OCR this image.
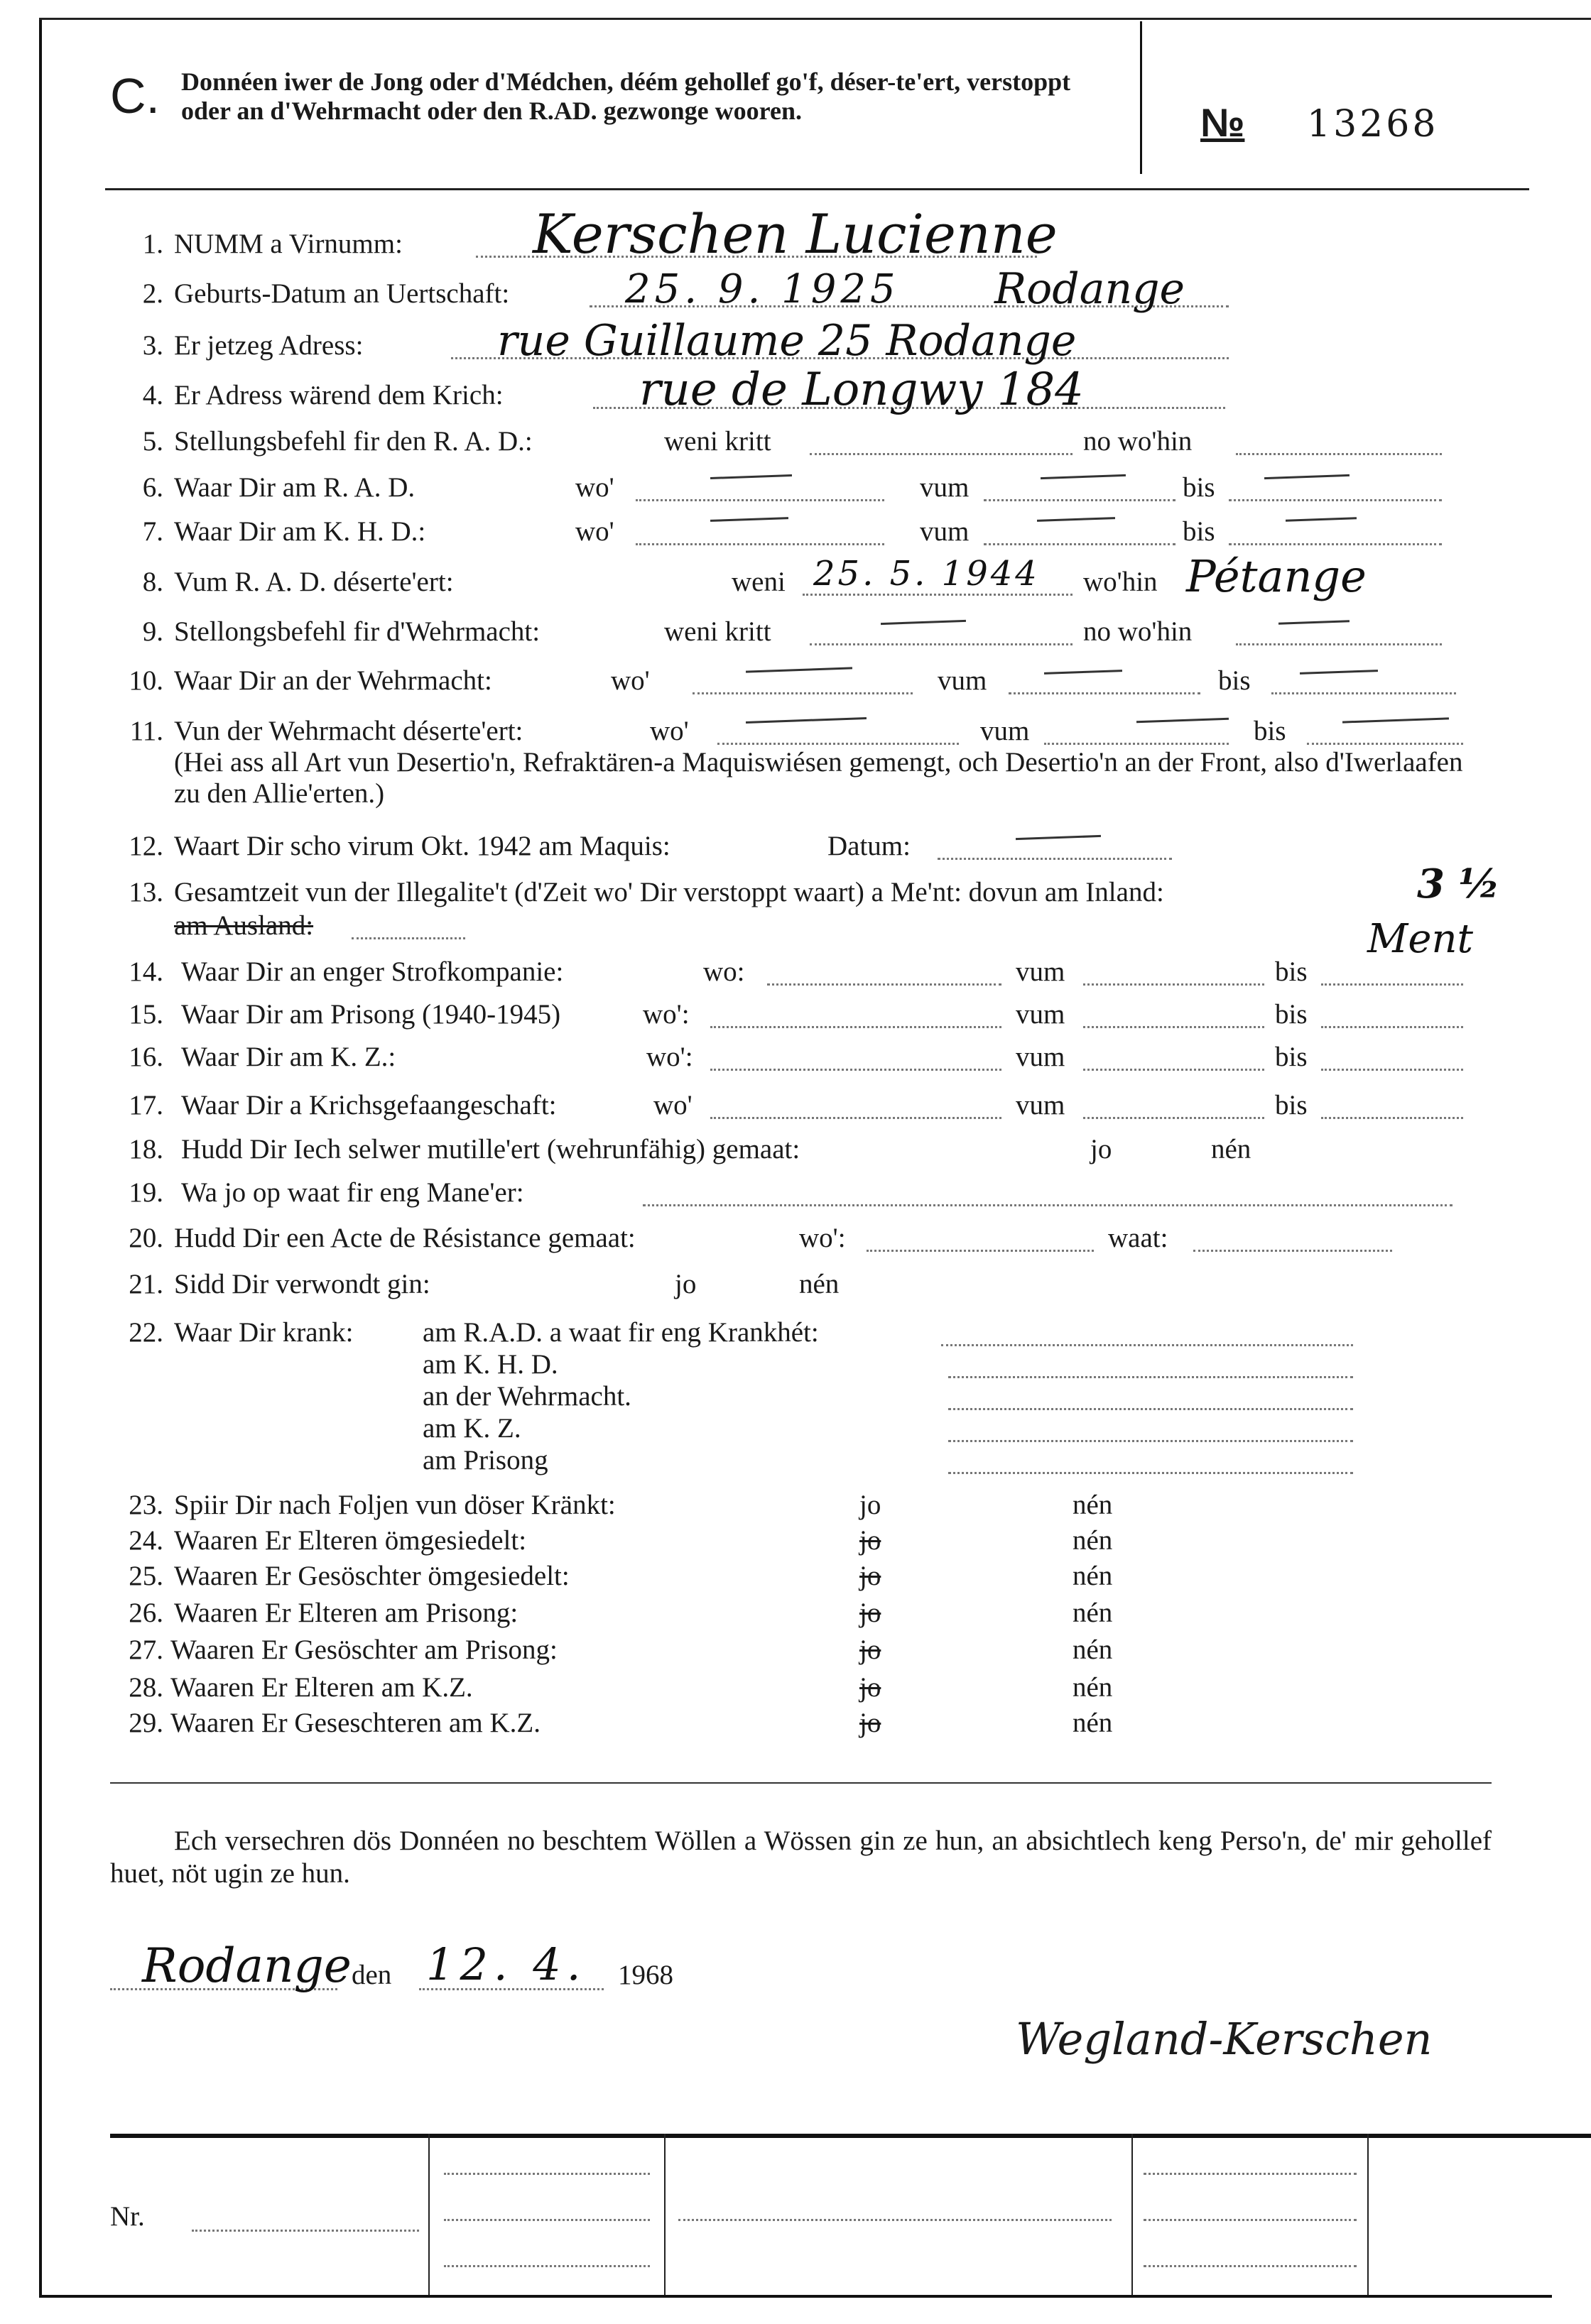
C. Donnéen iwer de Jong oder d'Médchen, déém gehollef go'f, déser-te'ert, verstoppt oder an d'Wehrmacht oder den R.AD. gezwonge wooren.	№ 13268
1. NUMM a Virnumm: Kerschen Lucienne
2. Geburts-Datum an Uertschaft:	25. 9. 1925 Rodange
3. Er jetzeg Adress:	rue Guillaume 25 Rodange
4. Er Adress wärend dem Krich:	rue de Longwy 184
5. Stellungsbefehl fir den R. A. D.:	weni kritt	no wo'hin
6. Waar Dir am R. A. D.	wo'	vum	bis
7. Waar Dir am K. H. D.:	wo'	vum	bis
8. Vum R. A. D. déserte'ert:	weni 25. 5. 1944 wo'hin Pétange
9. Stellongsbefehl fir d'Wehrmacht:	weni kritt	no wo'hin
10. Waar Dir an der Wehrmacht:	wo'	vum	bis
11. Vun der Wehrmacht déserte'ert:	wo'	vum	bis
(Hei ass all Art vun Desertio'n, Refraktären-a Maquiswiésen gemengt, och Desertio'n an der Front, also d'Iwerlaafen zu den Allie'erten.)
12. Waart Dir scho virum Okt. 1942 am Maquis:	Datum:
13. Gesamtzeit vun der Illegalite't (d'Zeit wo' Dir verstoppt waart) a Me'nt: dovun am Inland:
am Ausland:
3 ½
Ment
14. Waar Dir an enger Strofkompanie:	wo:	vum	bis
15. Waar Dir am Prisong (1940-1945)	wo':	vum	bis
16. Waar Dir am K. Z.:	wo':	vum	bis
17. Waar Dir a Krichsgefaangeschaft:	wo'	vum	bis
18. Hudd Dir Iech selwer mutille'ert (wehrunfähig) gemaat:	jo	nén
19. Wa jo op waat fir eng Mane'er:
20. Hudd Dir een Acte de Résistance gemaat:	wo':	waat:
21. Sidd Dir verwondt gin:	jo	nén
22. Waar Dir krank:	am R.A.D. a waat fir eng Krankhét:
am K. H. D.
an der Wehrmacht.
am K. Z.
am Prisong
23. Spiir Dir nach Foljen vun döser Kränkt:	jo	nén
24. Waaren Er Elteren ömgesiedelt:	jo	nén
25. Waaren Er Gesöschter ömgesiedelt:	jo	nén
26. Waaren Er Elteren am Prisong:	jo	nén
27. Waaren Er Gesöschter am Prisong:	jo	nén
28. Waaren Er Elteren am K.Z.	jo	nén
29. Waaren Er Geseschteren am K.Z.	jo	nén
Ech versechren dös Donnéen no beschtem Wöllen a Wössen gin ze hun, an absichtlech keng Perso'n, de' mir gehollef huet, nöt ugin ze hun.
Rodange den 12. 4. 1968
Wegland-Kerschen
Nr.
